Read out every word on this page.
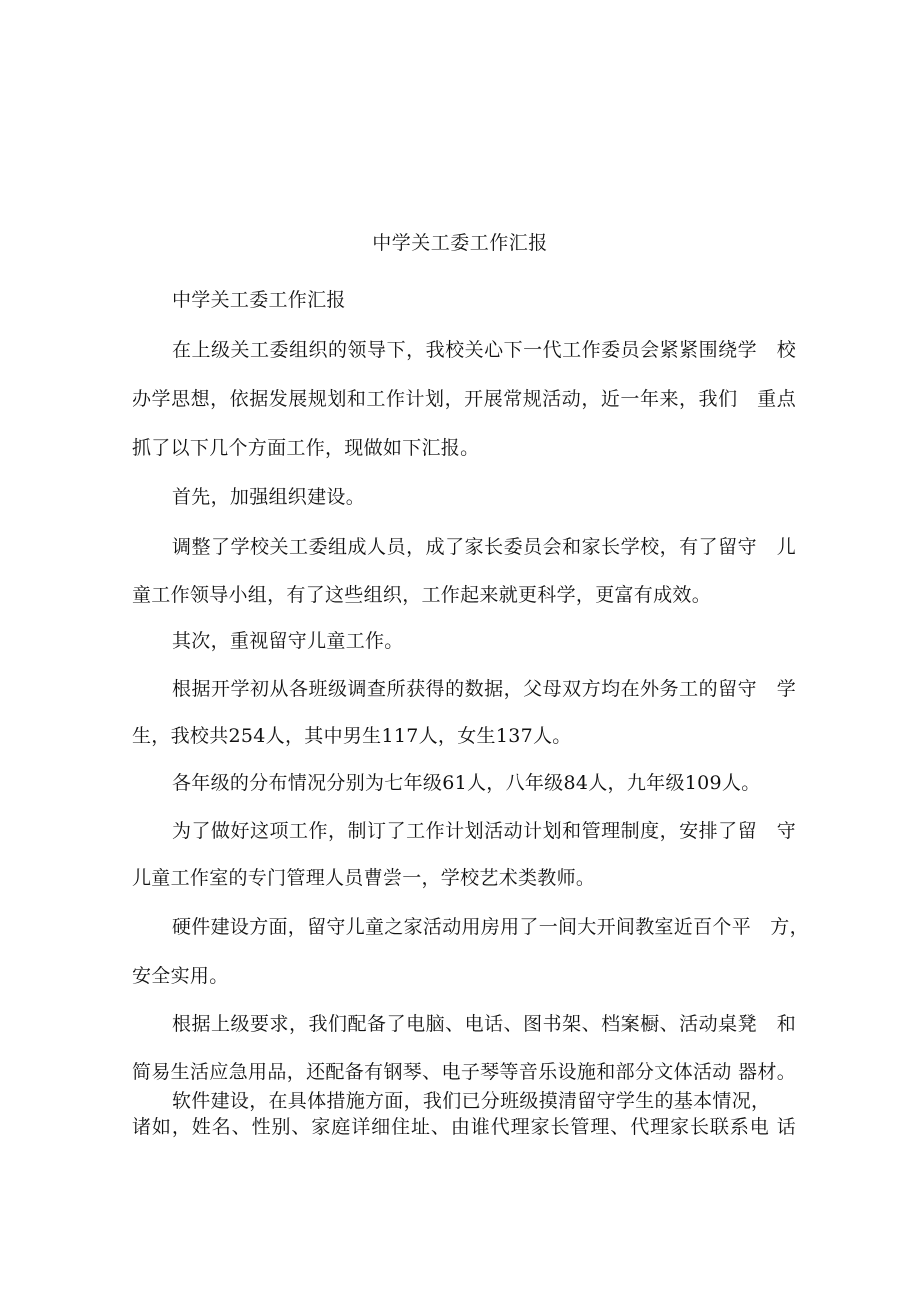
中学关工委工作汇报
中学关工委工作汇报
在上级关工委组织的领导下，我校关心下一代工作委员会紧紧围绕学　校
办学思想，依据发展规划和工作计划，开展常规活动，近一年来，我们　重点
抓了以下几个方面工作，现做如下汇报。
首先，加强组织建设。
调整了学校关工委组成人员，成了家长委员会和家长学校，有了留守　儿
童工作领导小组，有了这些组织，工作起来就更科学，更富有成效。
其次，重视留守儿童工作。
根据开学初从各班级调查所获得的数据，父母双方均在外务工的留守　学
生，我校共254人，其中男生117人，女生137人。
各年级的分布情况分别为七年级61人，八年级84人，九年级109人。
为了做好这项工作，制订了工作计划活动计划和管理制度，安排了留　守
儿童工作室的专门管理人员曹尝一，学校艺术类教师。
硬件建设方面，留守儿童之家活动用房用了一间大开间教室近百个平　方，
安全实用。
根据上级要求，我们配备了电脑、电话、图书架、档案橱、活动桌凳　和
简易生活应急用品，还配备有钢琴、电子琴等音乐设施和部分文体活动 器材。
软件建设，在具体措施方面，我们已分班级摸清留守学生的基本情况，
诸如，姓名、性别、家庭详细住址、由谁代理家长管理、代理家长联系电 话
